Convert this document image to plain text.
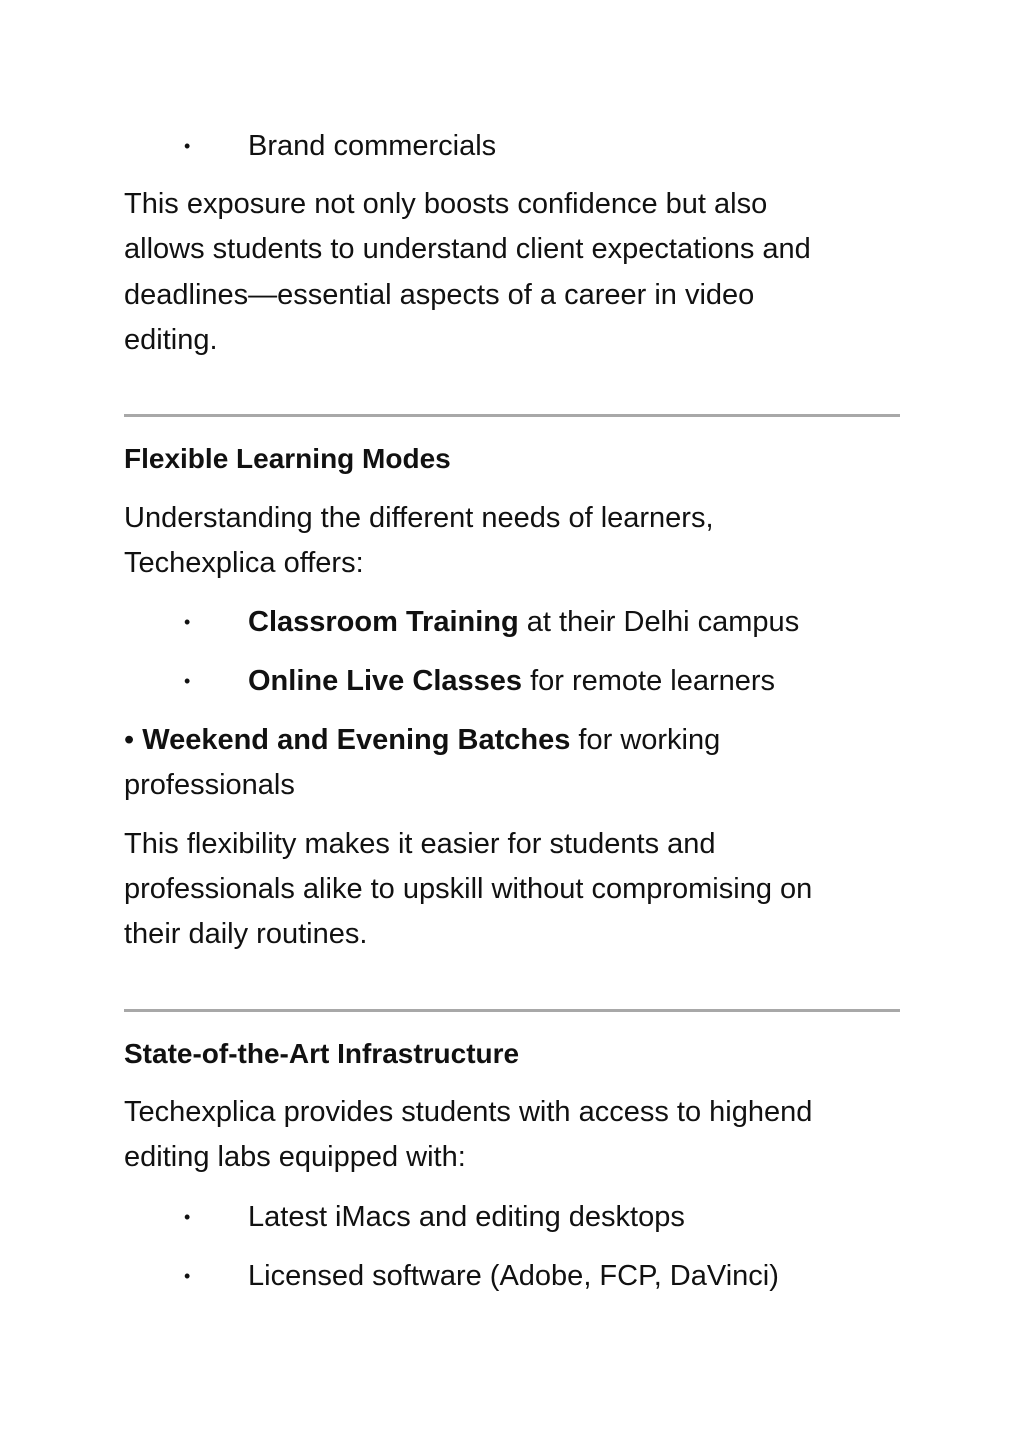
• Brand commercials
This exposure not only boosts confidence but also
allows students to understand client expectations and
deadlines—essential aspects of a career in video
editing.
Flexible Learning Modes
Understanding the different needs of learners,
Techexplica offers:
• Classroom Training at their Delhi campus
• Online Live Classes for remote learners
• Weekend and Evening Batches for working
professionals
This flexibility makes it easier for students and
professionals alike to upskill without compromising on
their daily routines.
State-of-the-Art Infrastructure
Techexplica provides students with access to highend
editing labs equipped with:
• Latest iMacs and editing desktops
• Licensed software (Adobe, FCP, DaVinci)
